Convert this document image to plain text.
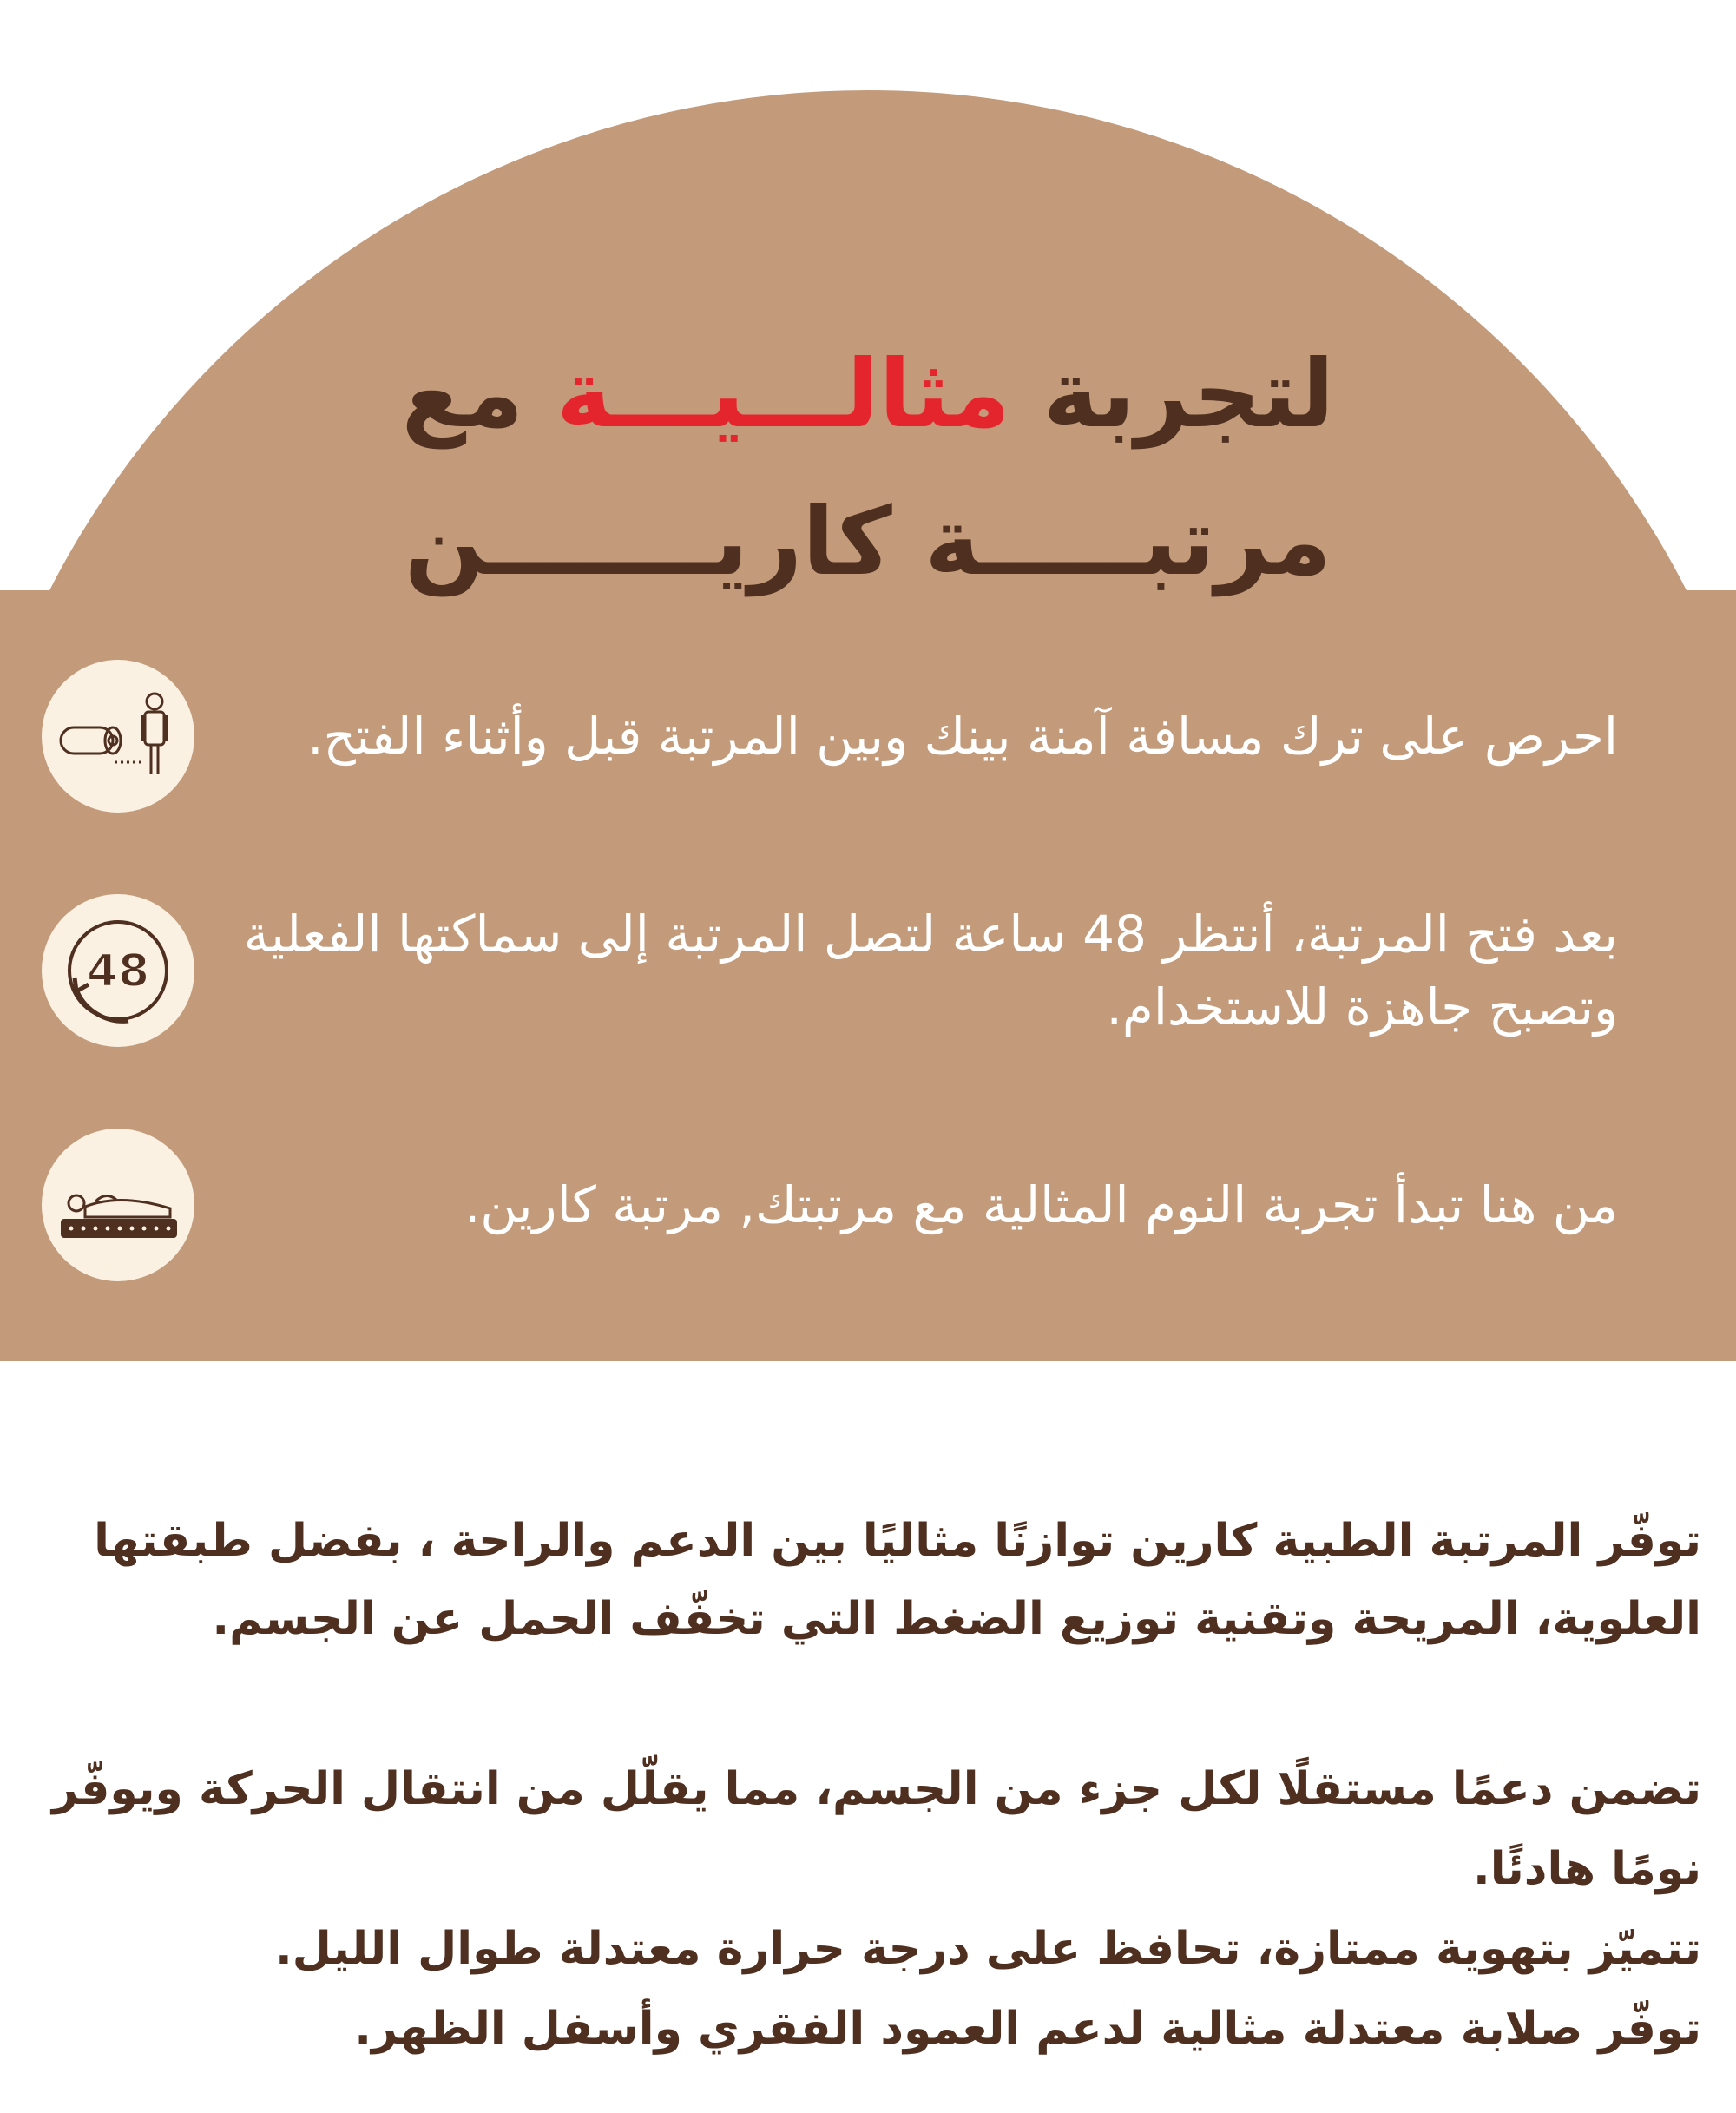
لتجربة مثالـــيـــة مع
مرتبـــــة كاريـــــــن
احرص على ترك مسافة آمنة بينك وبين المرتبة قبل وأثناء الفتح.
48
بعد فتح المرتبة، أنتظر 48 ساعة لتصل المرتبة إلى سماكتها الفعلية وتصبح جاهزة للاستخدام.
من هنا تبدأ تجربة النوم المثالية مع مرتبتك, مرتبة كارين.

توفّر المرتبة الطبية كارين توازنًا مثاليًا بين الدعم والراحة ، بفضل طبقتها العلوية، المريحة وتقنية توزيع الضغط التي تخفّف الحمل عن الجسم.

تضمن دعمًا مستقلًا لكل جزء من الجسم، مما يقلّل من انتقال الحركة ويوفّر نومًا هادئًا.
تتميّز بتهوية ممتازة، تحافظ على درجة حرارة معتدلة طوال الليل.
توفّر صلابة معتدلة مثالية لدعم العمود الفقري وأسفل الظهر.
